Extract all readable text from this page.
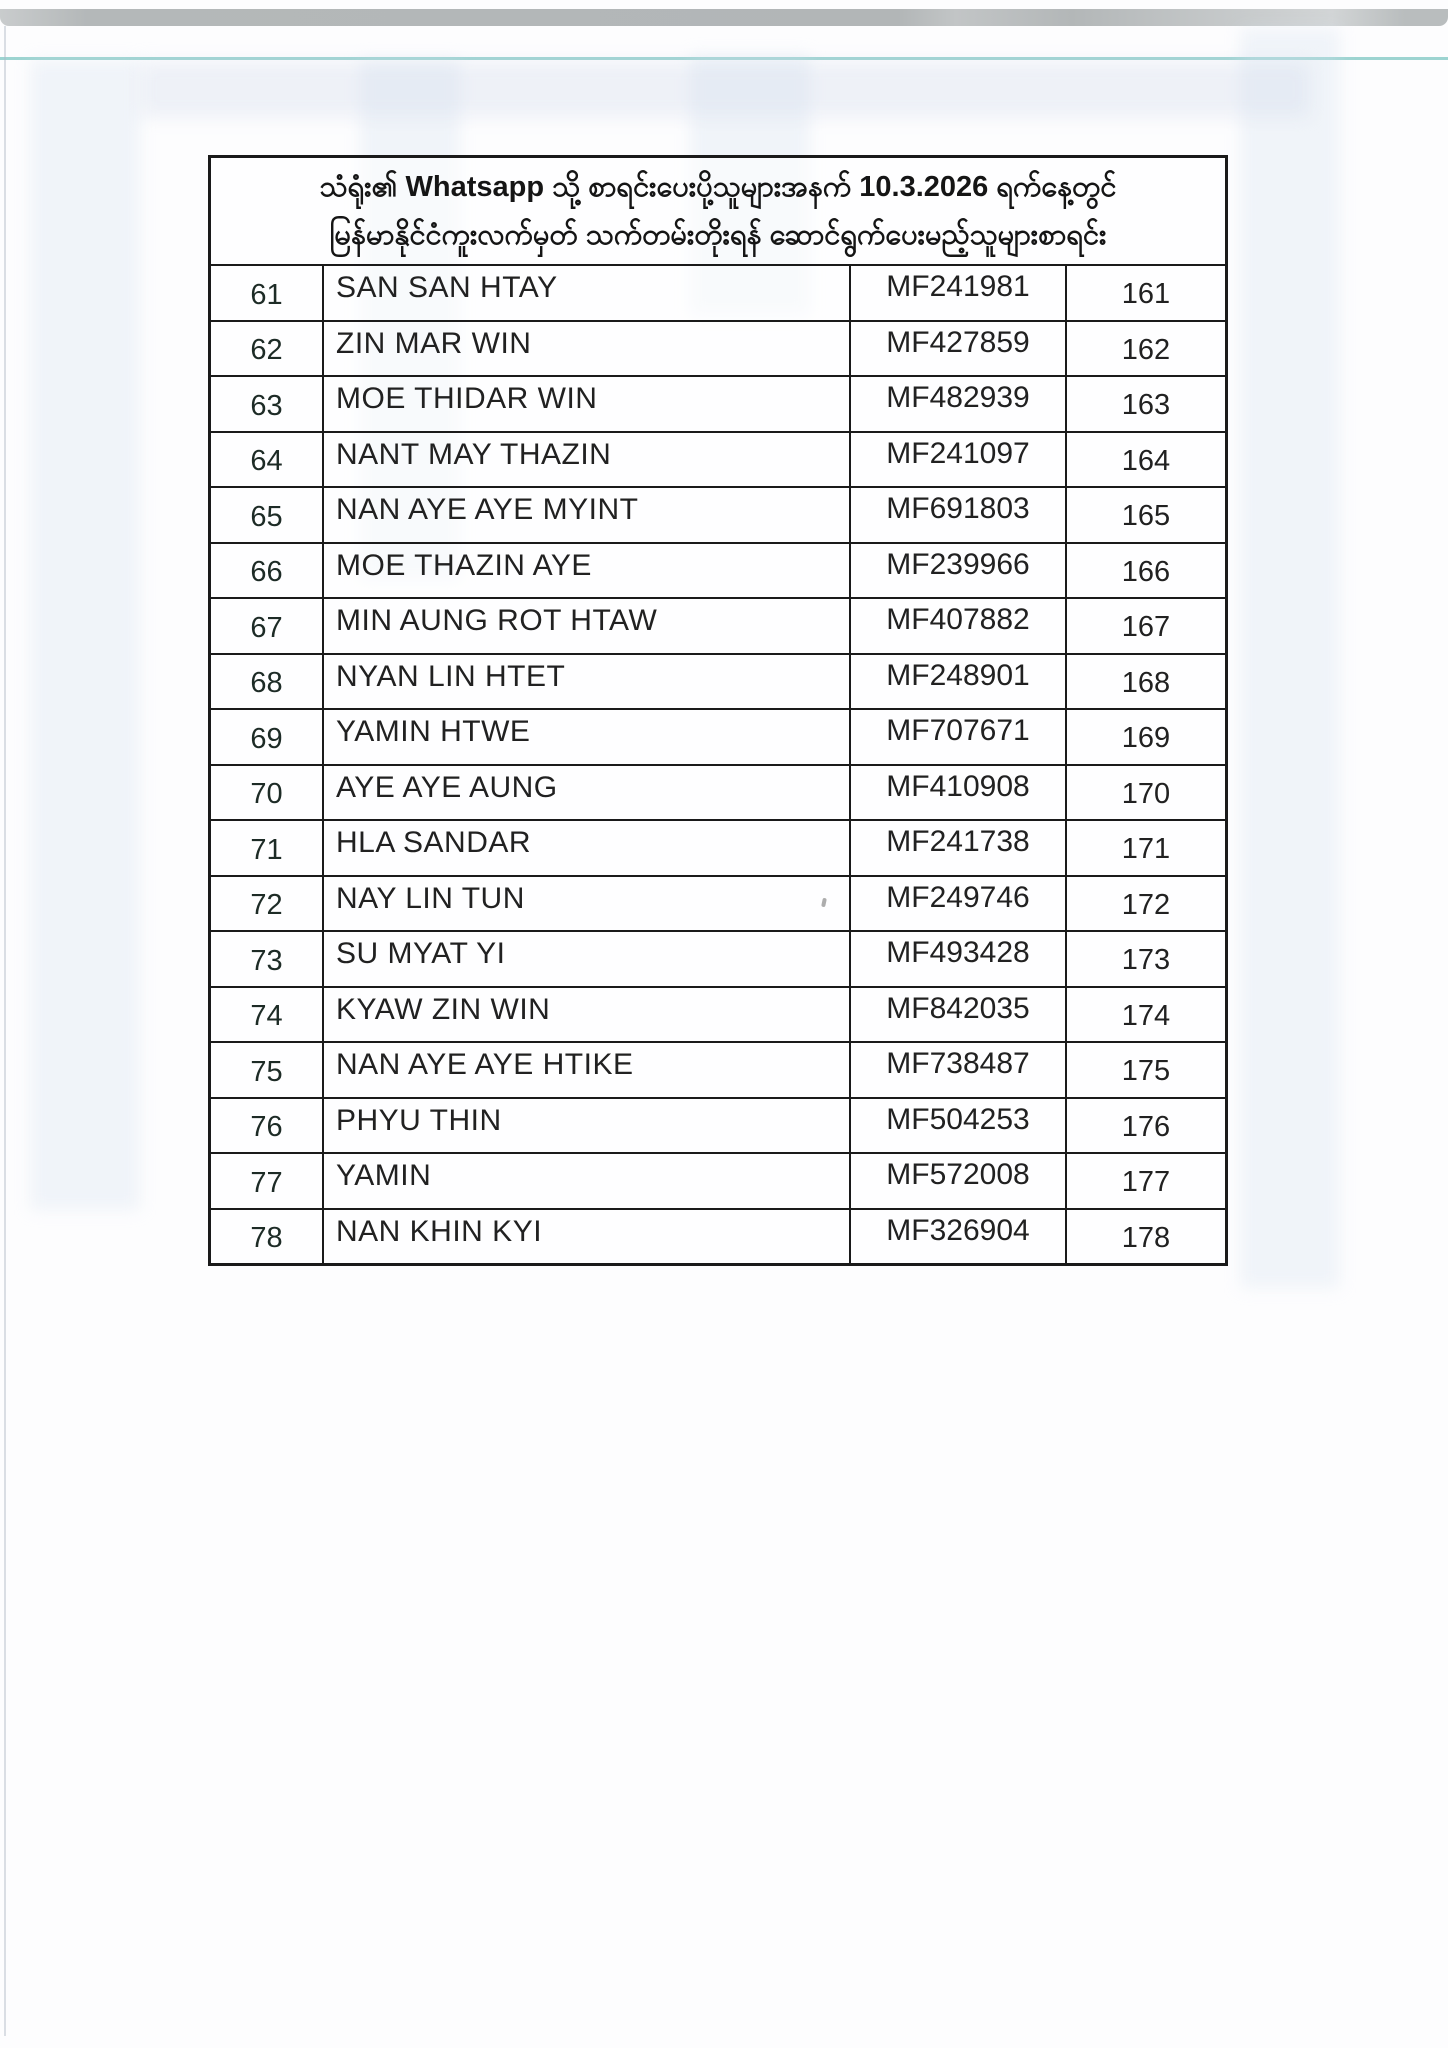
သံရုံး၏ Whatsapp သို့ စာရင်းပေးပို့သူများအနက် 10.3.2026 ရက်နေ့တွင်
မြန်မာနိုင်ငံကူးလက်မှတ် သက်တမ်းတိုးရန် ဆောင်ရွက်ပေးမည့်သူများစာရင်း
61	SAN SAN HTAY	MF241981	161
62	ZIN MAR WIN	MF427859	162
63	MOE THIDAR WIN	MF482939	163
64	NANT MAY THAZIN	MF241097	164
65	NAN AYE AYE MYINT	MF691803	165
66	MOE THAZIN AYE	MF239966	166
67	MIN AUNG ROT HTAW	MF407882	167
68	NYAN LIN HTET	MF248901	168
69	YAMIN HTWE	MF707671	169
70	AYE AYE AUNG	MF410908	170
71	HLA SANDAR	MF241738	171
72	NAY LIN TUN	MF249746	172
73	SU MYAT YI	MF493428	173
74	KYAW ZIN WIN	MF842035	174
75	NAN AYE AYE HTIKE	MF738487	175
76	PHYU THIN	MF504253	176
77	YAMIN	MF572008	177
78	NAN KHIN KYI	MF326904	178
